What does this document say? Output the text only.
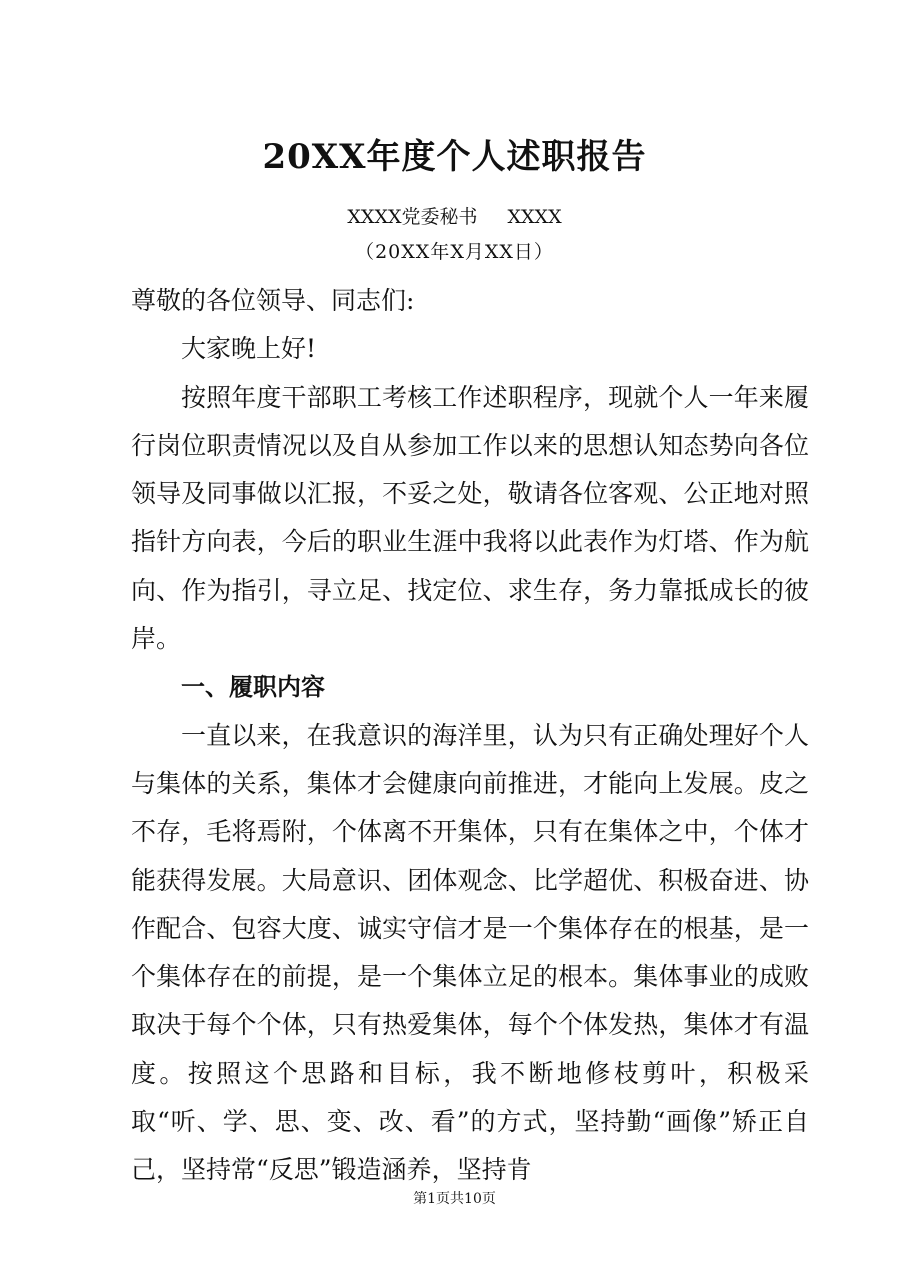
20XX年度个人述职报告
XXXX党委秘书 XXXX
（20XX年X月XX日）

尊敬的各位领导、同志们:

大家晚上好!

按照年度干部职工考核工作述职程序，现就个人一年来履行岗位职责情况以及自从参加工作以来的思想认知态势向各位领导及同事做以汇报，不妥之处，敬请各位客观、公正地对照指针方向表，今后的职业生涯中我将以此表作为灯塔、作为航向、作为指引，寻立足、找定位、求生存，务力靠抵成长的彼岸。

一、履职内容

一直以来，在我意识的海洋里，认为只有正确处理好个人与集体的关系，集体才会健康向前推进，才能向上发展。皮之不存，毛将焉附，个体离不开集体，只有在集体之中，个体才能获得发展。大局意识、团体观念、比学超优、积极奋进、协作配合、包容大度、诚实守信才是一个集体存在的根基，是一个集体存在的前提，是一个集体立足的根本。集体事业的成败取决于每个个体，只有热爱集体，每个个体发热，集体才有温度。按照这个思路和目标，我不断地修枝剪叶，积极采取“听、学、思、变、改、看”的方式，坚持勤“画像”矫正自己，坚持常“反思”锻造涵养，坚持肯

第1页共10页
